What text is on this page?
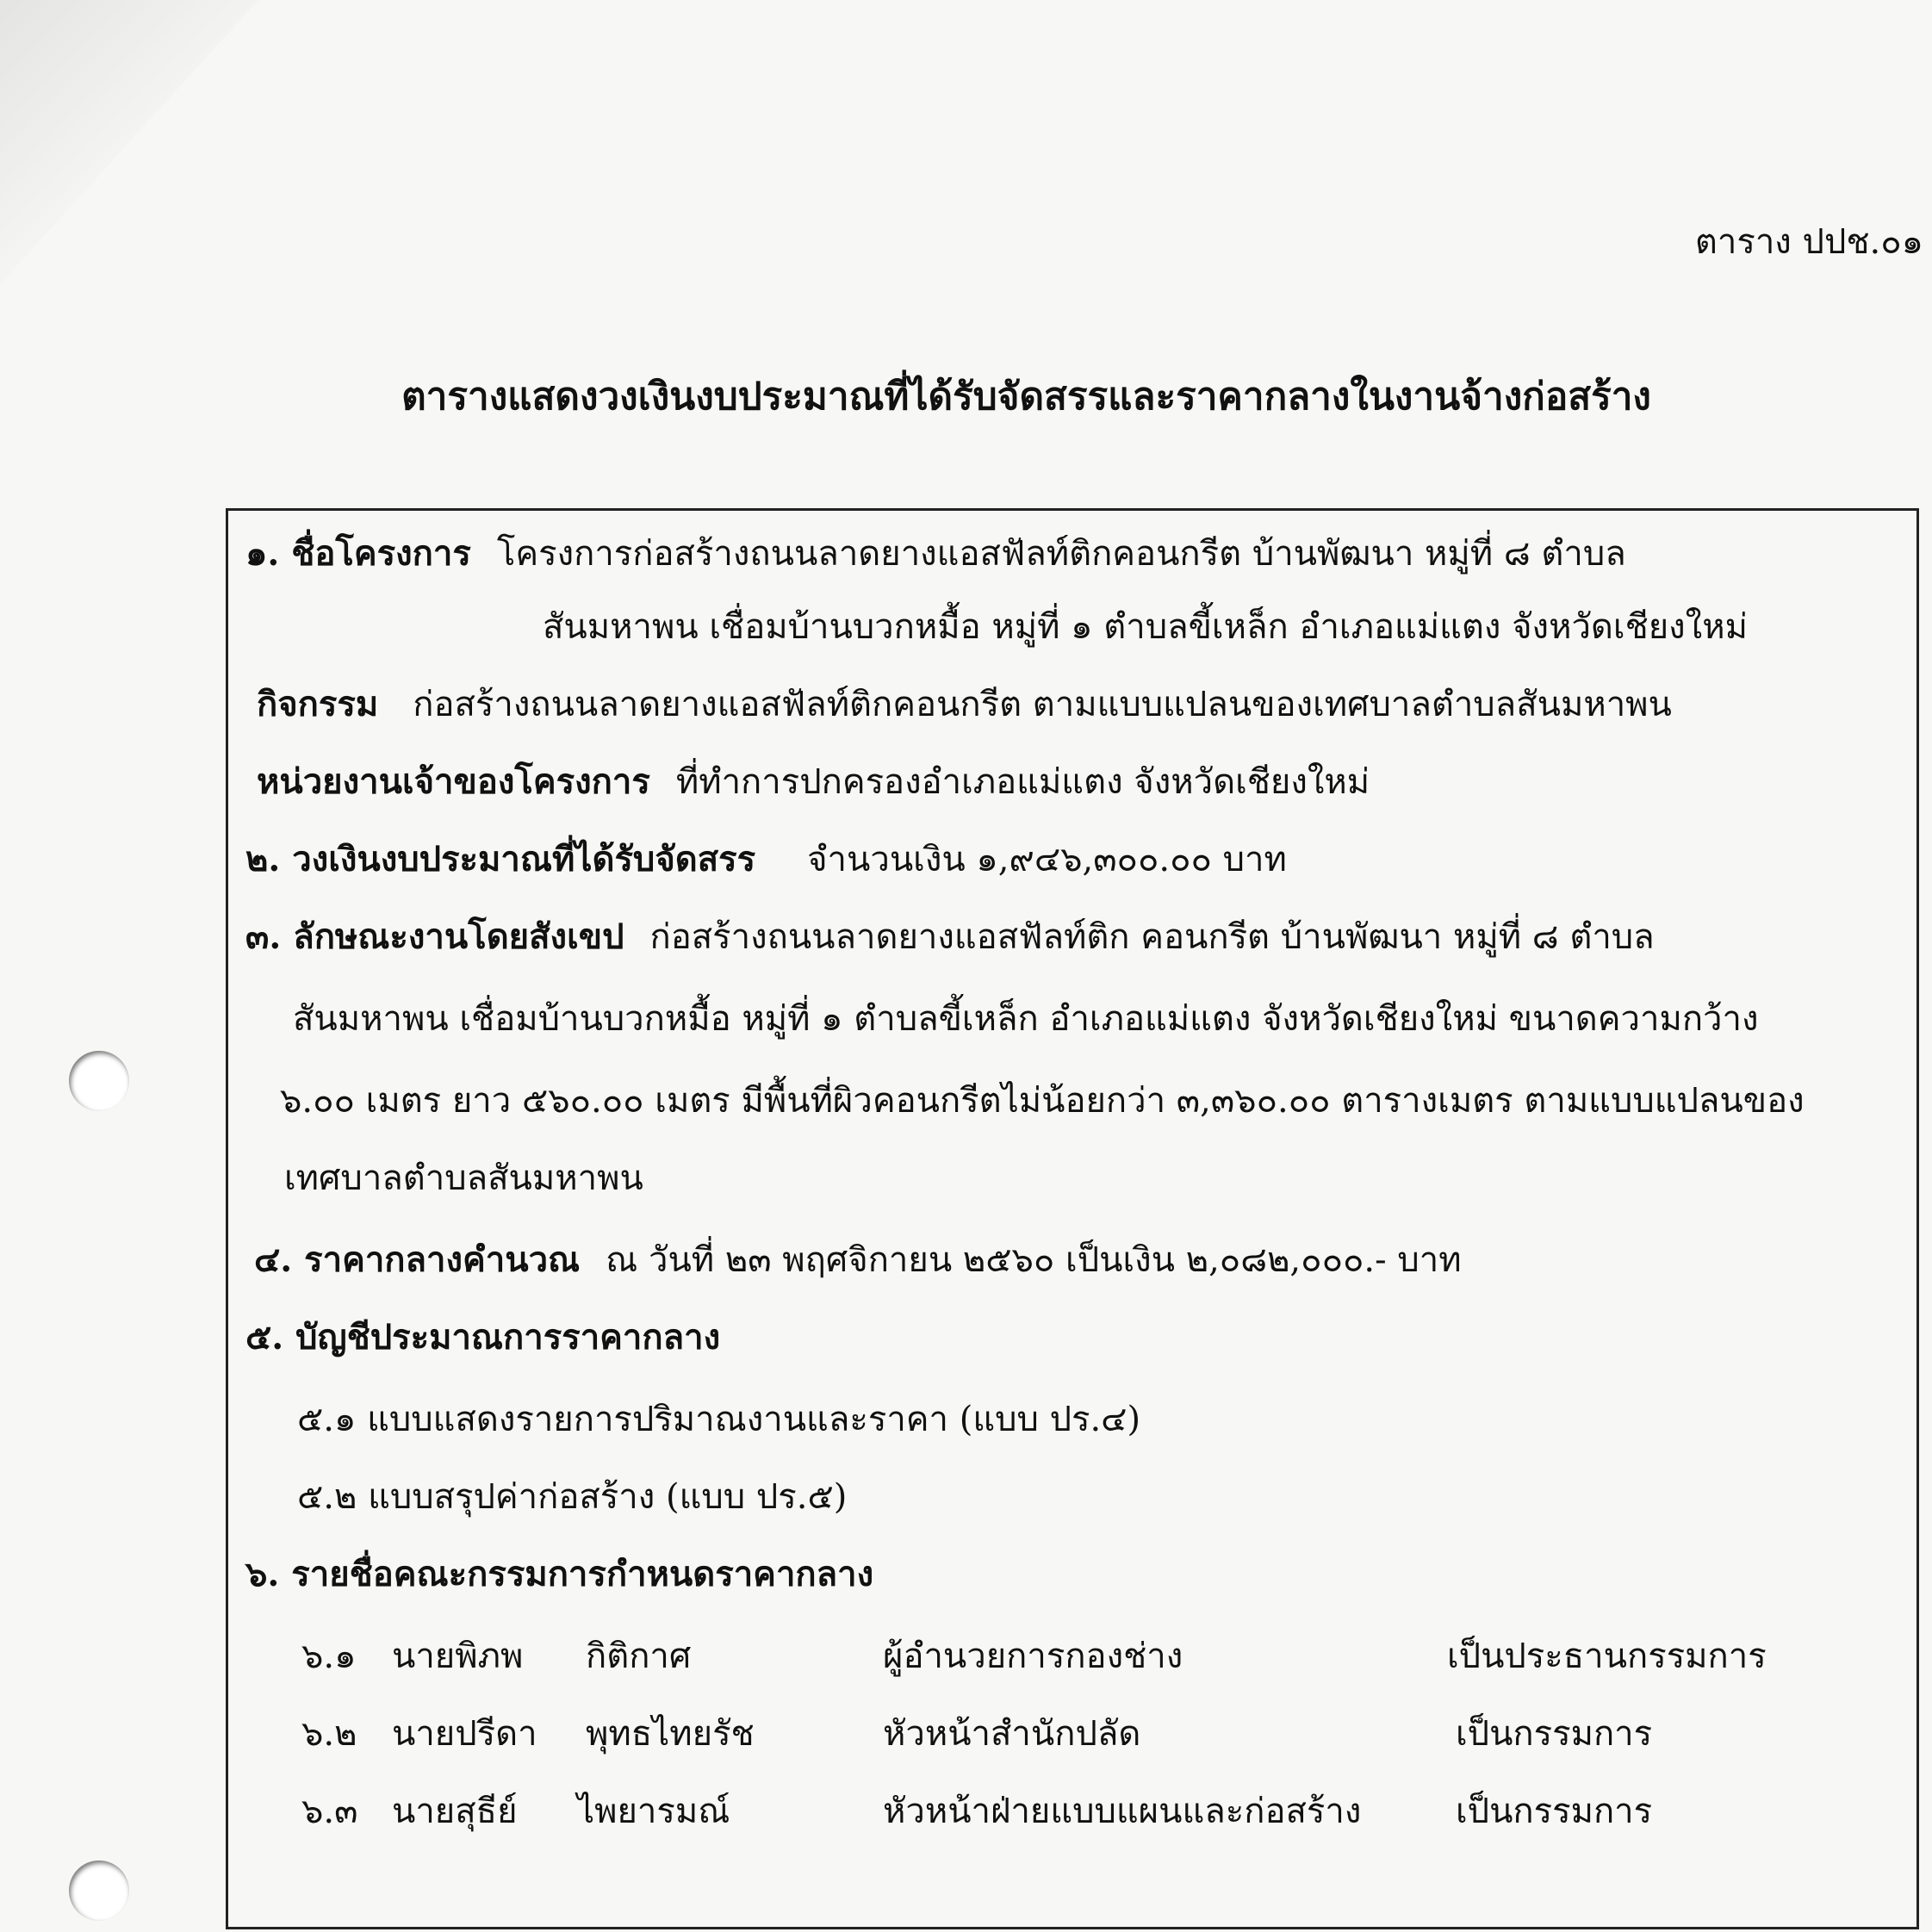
ตาราง ปปช.๐๑
ตารางแสดงวงเงินงบประมาณที่ได้รับจัดสรรและราคากลางในงานจ้างก่อสร้าง
๑. ชื่อโครงการ โครงการก่อสร้างถนนลาดยางแอสฟัลท์ติกคอนกรีต บ้านพัฒนา หมู่ที่ ๘ ตำบล
สันมหาพน เชื่อมบ้านบวกหมื้อ หมู่ที่ ๑ ตำบลขี้เหล็ก อำเภอแม่แตง จังหวัดเชียงใหม่
กิจกรรม ก่อสร้างถนนลาดยางแอสฟัลท์ติกคอนกรีต ตามแบบแปลนของเทศบาลตำบลสันมหาพน
หน่วยงานเจ้าของโครงการ ที่ทำการปกครองอำเภอแม่แตง จังหวัดเชียงใหม่
๒. วงเงินงบประมาณที่ได้รับจัดสรร จำนวนเงิน ๑,๙๔๖,๓๐๐.๐๐ บาท
๓. ลักษณะงานโดยสังเขป ก่อสร้างถนนลาดยางแอสฟัลท์ติก คอนกรีต บ้านพัฒนา หมู่ที่ ๘ ตำบล
สันมหาพน เชื่อมบ้านบวกหมื้อ หมู่ที่ ๑ ตำบลขี้เหล็ก อำเภอแม่แตง จังหวัดเชียงใหม่ ขนาดความกว้าง
๖.๐๐ เมตร ยาว ๕๖๐.๐๐ เมตร มีพื้นที่ผิวคอนกรีตไม่น้อยกว่า ๓,๓๖๐.๐๐ ตารางเมตร ตามแบบแปลนของ
เทศบาลตำบลสันมหาพน
๔. ราคากลางคำนวณ ณ วันที่ ๒๓ พฤศจิกายน ๒๕๖๐ เป็นเงิน ๒,๐๘๒,๐๐๐.- บาท
๕. บัญชีประมาณการราคากลาง
๕.๑ แบบแสดงรายการปริมาณงานและราคา (แบบ ปร.๔)
๕.๒ แบบสรุปค่าก่อสร้าง (แบบ ปร.๕)
๖. รายชื่อคณะกรรมการกำหนดราคากลาง
๖.๑ นายพิภพ กิติกาศ	ผู้อำนวยการกองช่าง	เป็นประธานกรรมการ
๖.๒ นายปรีดา พุทธไทยรัช	หัวหน้าสำนักปลัด	เป็นกรรมการ
๖.๓ นายสุธีย์ ไพยารมณ์	หัวหน้าฝ่ายแบบแผนและก่อสร้าง	เป็นกรรมการ
